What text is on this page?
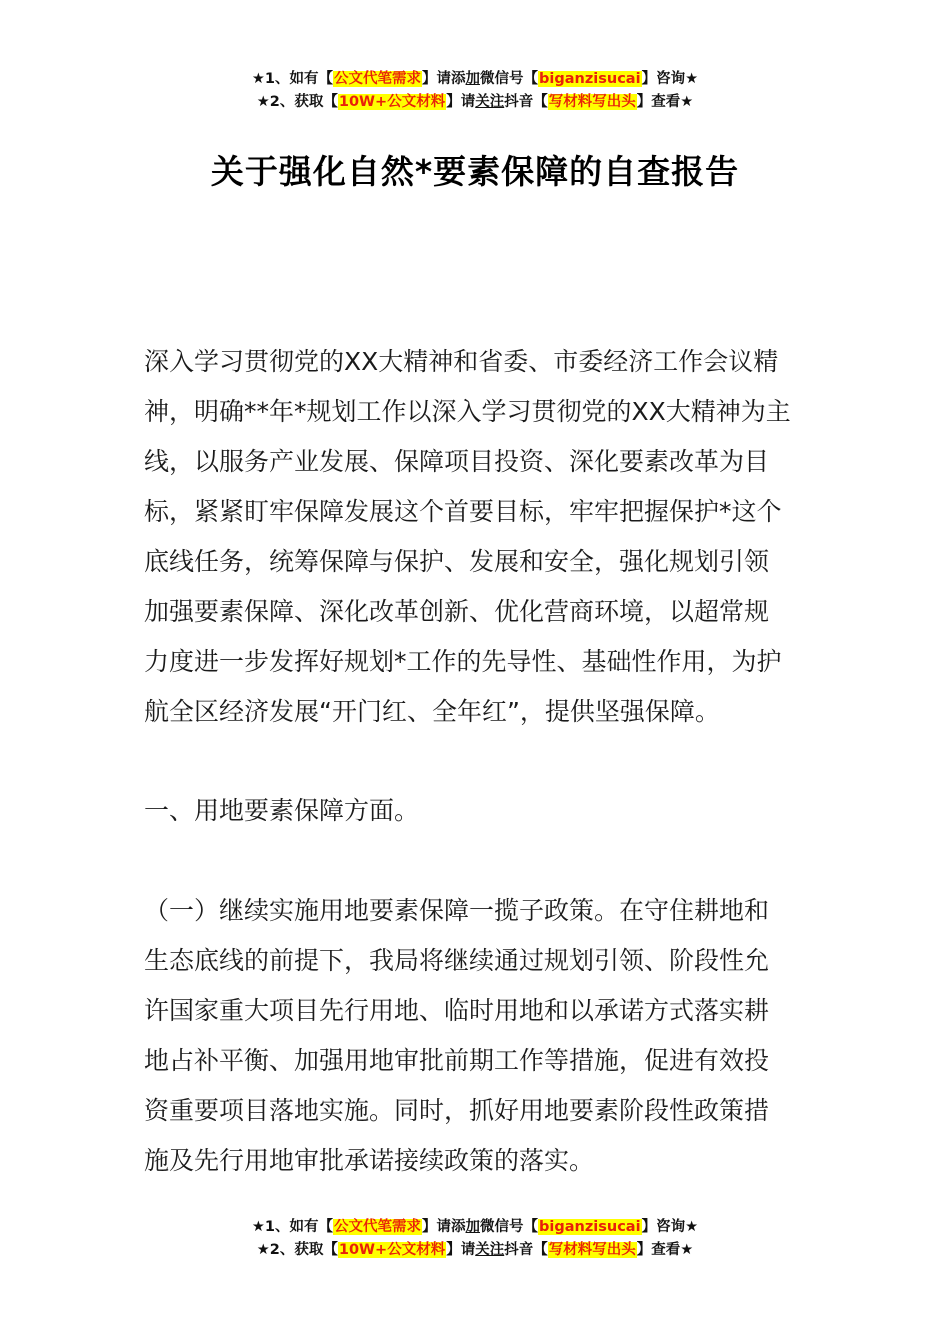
★1、如有【公文代笔需求】请添加微信号【biganzisucai】咨询★
★2、获取【10W+公文材料】请关注抖音【写材料写出头】查看★
关于强化自然*要素保障的自查报告
深入学习贯彻党的XX大精神和省委、市委经济工作会议精
神，明确**年*规划工作以深入学习贯彻党的XX大精神为主
线，以服务产业发展、保障项目投资、深化要素改革为目
标，紧紧盯牢保障发展这个首要目标，牢牢把握保护*这个
底线任务，统筹保障与保护、发展和安全，强化规划引领
加强要素保障、深化改革创新、优化营商环境，以超常规
力度进一步发挥好规划*工作的先导性、基础性作用，为护
航全区经济发展“开门红、全年红”，提供坚强保障。
一、用地要素保障方面。
（一）继续实施用地要素保障一揽子政策。在守住耕地和
生态底线的前提下，我局将继续通过规划引领、阶段性允
许国家重大项目先行用地、临时用地和以承诺方式落实耕
地占补平衡、加强用地审批前期工作等措施，促进有效投
资重要项目落地实施。同时，抓好用地要素阶段性政策措
施及先行用地审批承诺接续政策的落实。
★1、如有【公文代笔需求】请添加微信号【biganzisucai】咨询★
★2、获取【10W+公文材料】请关注抖音【写材料写出头】查看★
